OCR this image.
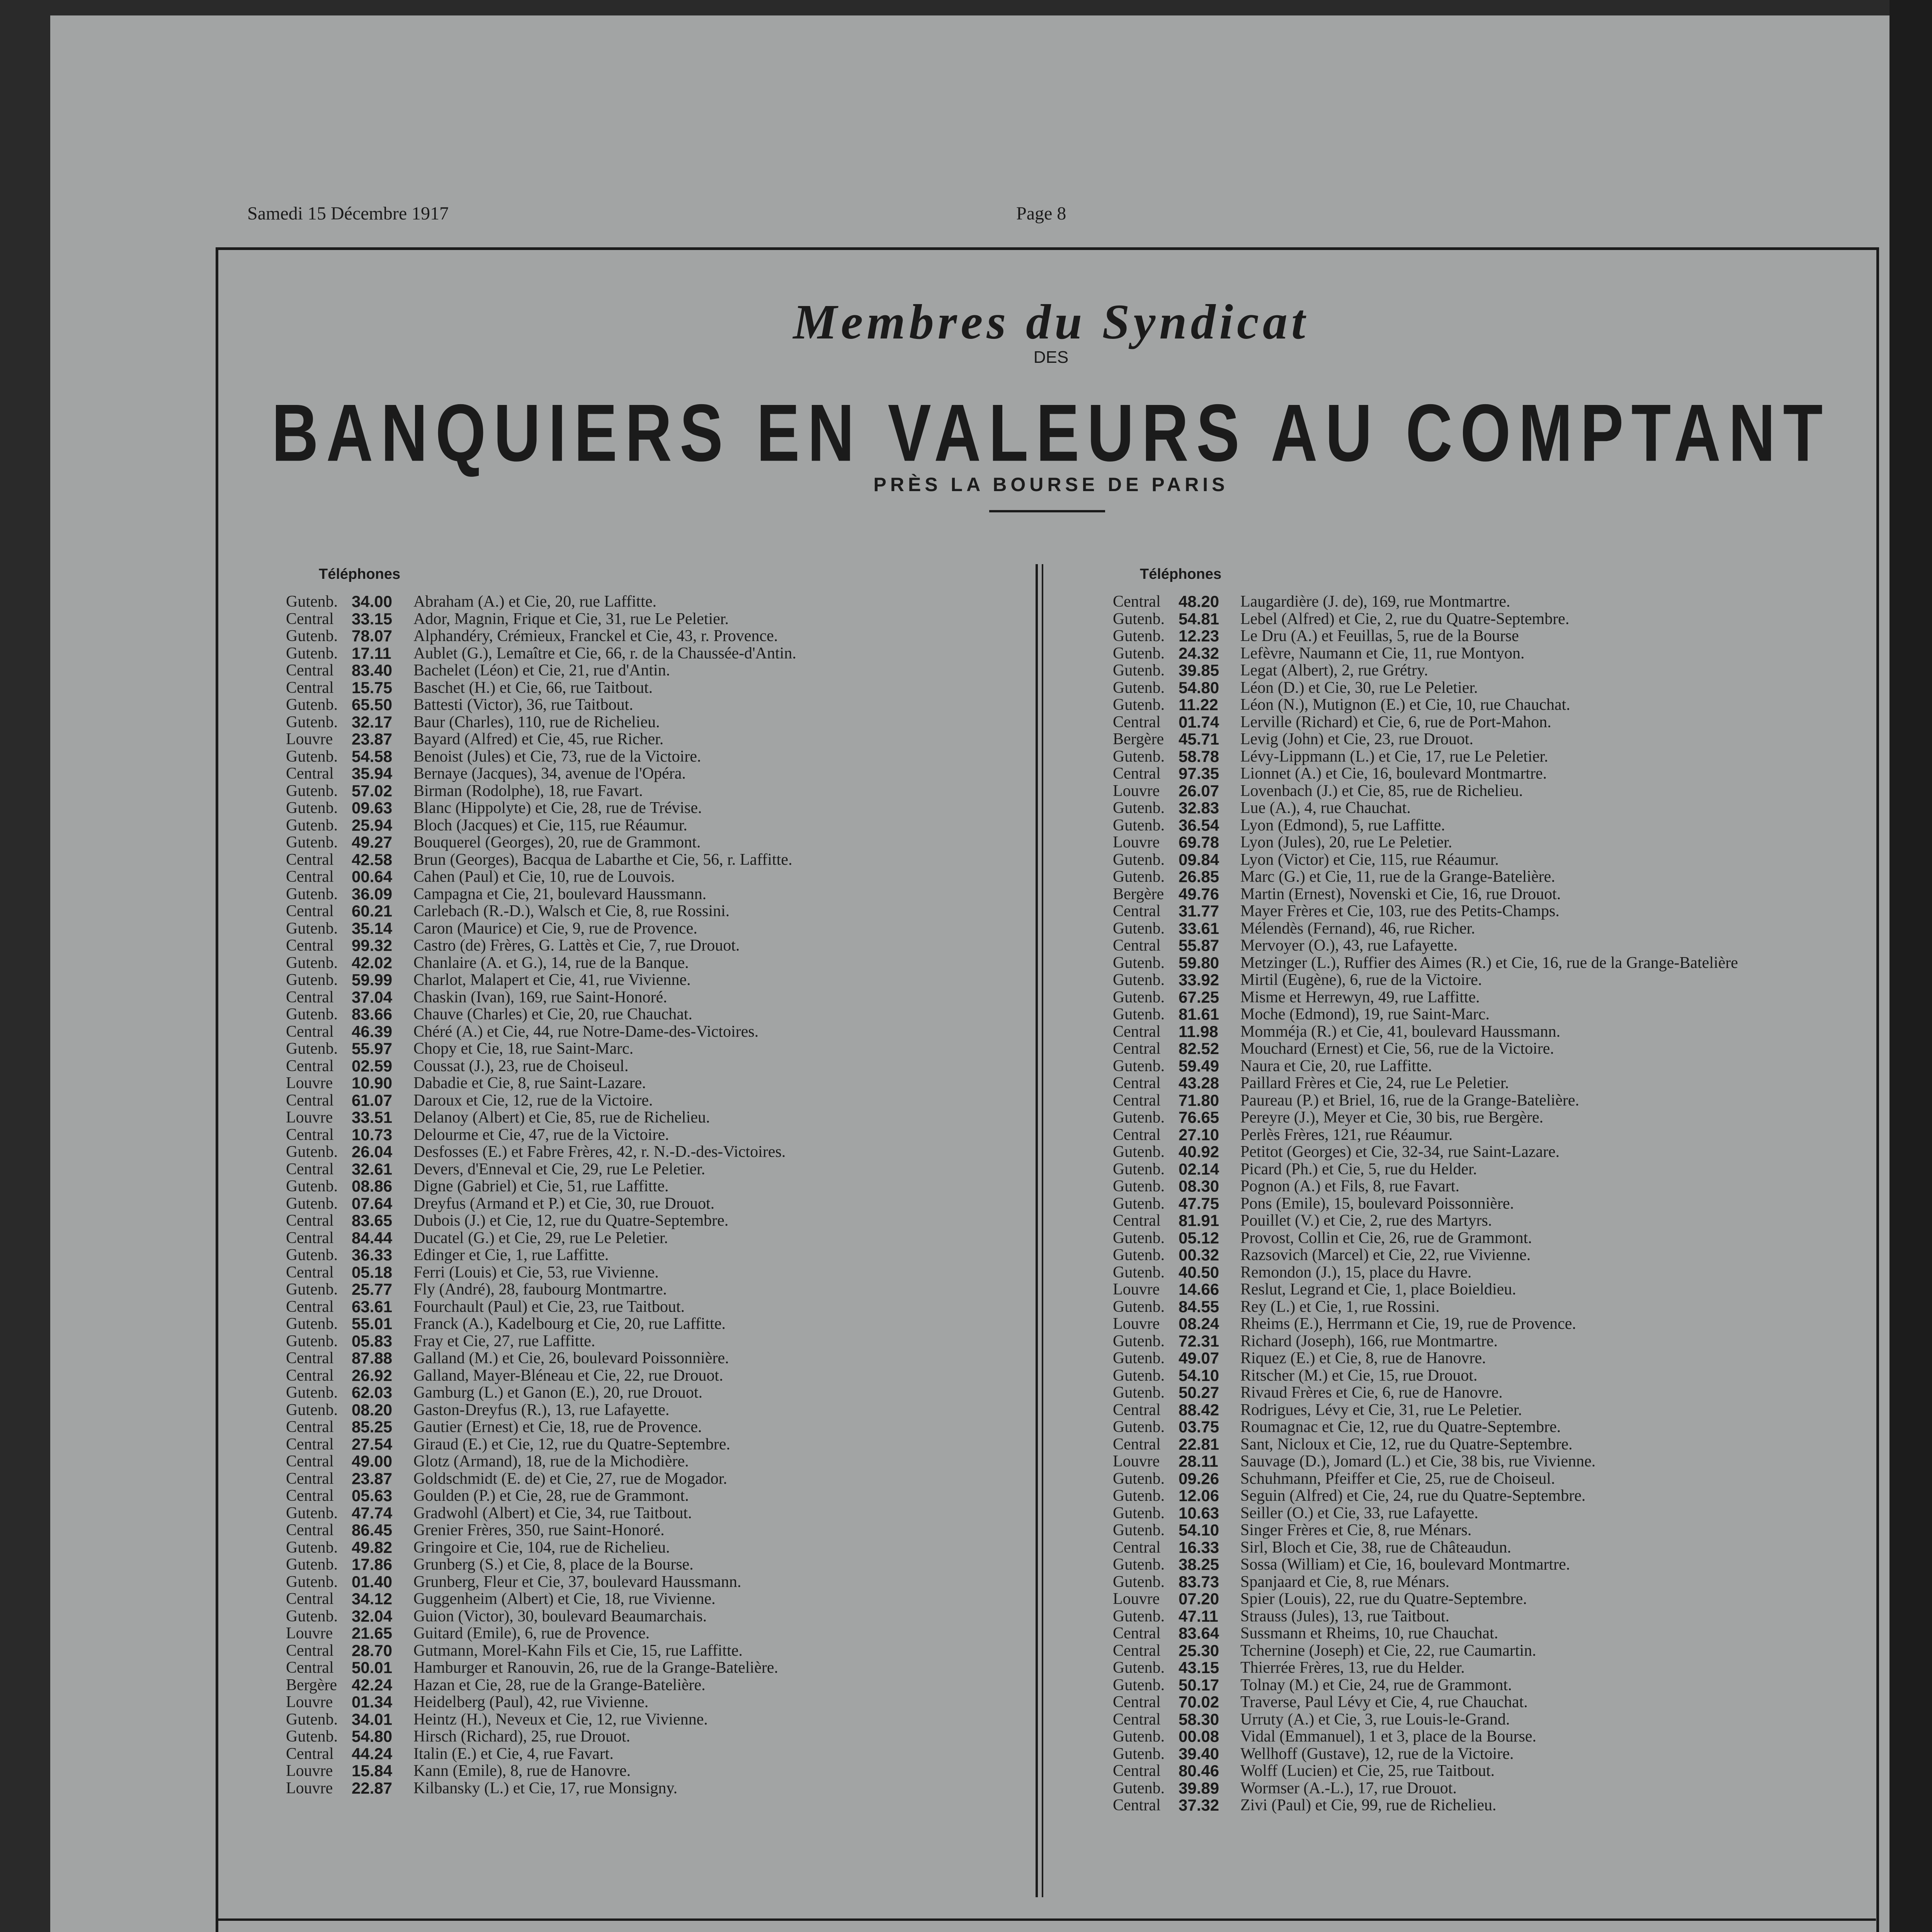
Samedi 15 Décembre 1917	Page 8
Membres du Syndicat
DES
BANQUIERS EN VALEURS AU COMPTANT
PRÈS LA BOURSE DE PARIS
Téléphones	Téléphones
Gutenb. 34.00	Abraham (A.) et Cie, 20, rue Laffitte.
Central	33.15	Ador, Magnin, Frique et Cie, 31, rue Le Peletier.
Gutenb. 78.07	Alphandéry, Crémieux, Franckel et Cie, 43, r. Provence.
Gutenb. 17.11	Aublet (G.), Lemaître et Cie, 66, r. de la Chaussée-d'Antin.
Central	83.40	Bachelet (Léon) et Cie, 21, rue d'Antin.
Central	15.75	Baschet (H.) et Cie, 66, rue Taitbout.
Gutenb. 65.50	Battesti (Victor), 36, rue Taitbout.
Gutenb. 32.17	Baur (Charles), 110, rue de Richelieu.
Louvre	23.87	Bayard (Alfred) et Cie, 45, rue Richer.
Gutenb. 54.58	Benoist (Jules) et Cie, 73, rue de la Victoire.
Central	35.94	Bernaye (Jacques), 34, avenue de l'Opéra.
Gutenb. 57.02	Birman (Rodolphe), 18, rue Favart.
Gutenb. 09.63	Blanc (Hippolyte) et Cie, 28, rue de Trévise.
Gutenb. 25.94	Bloch (Jacques) et Cie, 115, rue Réaumur.
Gutenb. 49.27	Bouquerel (Georges), 20, rue de Grammont.
Central	42.58	Brun (Georges), Bacqua de Labarthe et Cie, 56, r. Laffitte.
Central	00.64	Cahen (Paul) et Cie, 10, rue de Louvois.
Gutenb. 36.09	Campagna et Cie, 21, boulevard Haussmann.
Central	60.21	Carlebach (R.-D.), Walsch et Cie, 8, rue Rossini.
Gutenb. 35.14	Caron (Maurice) et Cie, 9, rue de Provence.
Central	99.32	Castro (de) Frères, G. Lattès et Cie, 7, rue Drouot.
Gutenb. 42.02	Chanlaire (A. et G.), 14, rue de la Banque.
Gutenb. 59.99	Charlot, Malapert et Cie, 41, rue Vivienne.
Central	37.04	Chaskin (Ivan), 169, rue Saint-Honoré.
Gutenb. 83.66	Chauve (Charles) et Cie, 20, rue Chauchat.
Central	46.39	Chéré (A.) et Cie, 44, rue Notre-Dame-des-Victoires.
Gutenb. 55.97	Chopy et Cie, 18, rue Saint-Marc.
Central	02.59	Coussat (J.), 23, rue de Choiseul.
Louvre	10.90	Dabadie et Cie, 8, rue Saint-Lazare.
Central	61.07	Daroux et Cie, 12, rue de la Victoire.
Louvre	33.51	Delanoy (Albert) et Cie, 85, rue de Richelieu.
Central	10.73	Delourme et Cie, 47, rue de la Victoire.
Gutenb. 26.04	Desfosses (E.) et Fabre Frères, 42, r. N.-D.-des-Victoires.
Central	32.61	Devers, d'Enneval et Cie, 29, rue Le Peletier.
Gutenb. 08.86	Digne (Gabriel) et Cie, 51, rue Laffitte.
Gutenb. 07.64	Dreyfus (Armand et P.) et Cie, 30, rue Drouot.
Central	83.65	Dubois (J.) et Cie, 12, rue du Quatre-Septembre.
Central	84.44	Ducatel (G.) et Cie, 29, rue Le Peletier.
Gutenb. 36.33	Edinger et Cie, 1, rue Laffitte.
Central	05.18	Ferri (Louis) et Cie, 53, rue Vivienne.
Gutenb. 25.77	Fly (André), 28, faubourg Montmartre.
Central	63.61	Fourchault (Paul) et Cie, 23, rue Taitbout.
Gutenb. 55.01	Franck (A.), Kadelbourg et Cie, 20, rue Laffitte.
Gutenb. 05.83	Fray et Cie, 27, rue Laffitte.
Central	87.88	Galland (M.) et Cie, 26, boulevard Poissonnière.
Central	26.92	Galland, Mayer-Bléneau et Cie, 22, rue Drouot.
Gutenb. 62.03	Gamburg (L.) et Ganon (E.), 20, rue Drouot.
Gutenb. 08.20	Gaston-Dreyfus (R.), 13, rue Lafayette.
Central	85.25	Gautier (Ernest) et Cie, 18, rue de Provence.
Central	27.54	Giraud (E.) et Cie, 12, rue du Quatre-Septembre.
Central	49.00	Glotz (Armand), 18, rue de la Michodière.
Central	23.87	Goldschmidt (E. de) et Cie, 27, rue de Mogador.
Central	05.63	Goulden (P.) et Cie, 28, rue de Grammont.
Gutenb. 47.74	Gradwohl (Albert) et Cie, 34, rue Taitbout.
Central	86.45	Grenier Frères, 350, rue Saint-Honoré.
Gutenb. 49.82	Gringoire et Cie, 104, rue de Richelieu.
Gutenb. 17.86	Grunberg (S.) et Cie, 8, place de la Bourse.
Gutenb. 01.40	Grunberg, Fleur et Cie, 37, boulevard Haussmann.
Central	34.12	Guggenheim (Albert) et Cie, 18, rue Vivienne.
Gutenb. 32.04	Guion (Victor), 30, boulevard Beaumarchais.
Louvre	21.65	Guitard (Emile), 6, rue de Provence.
Central	28.70	Gutmann, Morel-Kahn Fils et Cie, 15, rue Laffitte.
Central	50.01	Hamburger et Ranouvin, 26, rue de la Grange-Batelière.
Bergère 42.24	Hazan et Cie, 28, rue de la Grange-Batelière.
Louvre	01.34	Heidelberg (Paul), 42, rue Vivienne.
Gutenb. 34.01	Heintz (H.), Neveux et Cie, 12, rue Vivienne.
Gutenb. 54.80	Hirsch (Richard), 25, rue Drouot.
Central	44.24	Italin (E.) et Cie, 4, rue Favart.
Louvre	15.84	Kann (Emile), 8, rue de Hanovre.
Louvre	22.87	Kilbansky (L.) et Cie, 17, rue Monsigny.
Central	48.20	Laugardière (J. de), 169, rue Montmartre.
Gutenb. 54.81	Lebel (Alfred) et Cie, 2, rue du Quatre-Septembre.
Gutenb. 12.23	Le Dru (A.) et Feuillas, 5, rue de la Bourse
Gutenb. 24.32	Lefèvre, Naumann et Cie, 11, rue Montyon.
Gutenb. 39.85	Legat (Albert), 2, rue Grétry.
Gutenb. 54.80	Léon (D.) et Cie, 30, rue Le Peletier.
Gutenb. 11.22	Léon (N.), Mutignon (E.) et Cie, 10, rue Chauchat.
Central	01.74	Lerville (Richard) et Cie, 6, rue de Port-Mahon.
Bergère 45.71	Levig (John) et Cie, 23, rue Drouot.
Gutenb. 58.78	Lévy-Lippmann (L.) et Cie, 17, rue Le Peletier.
Central	97.35	Lionnet (A.) et Cie, 16, boulevard Montmartre.
Louvre	26.07	Lovenbach (J.) et Cie, 85, rue de Richelieu.
Gutenb. 32.83	Lue (A.), 4, rue Chauchat.
Gutenb. 36.54	Lyon (Edmond), 5, rue Laffitte.
Louvre	69.78	Lyon (Jules), 20, rue Le Peletier.
Gutenb. 09.84	Lyon (Victor) et Cie, 115, rue Réaumur.
Gutenb. 26.85	Marc (G.) et Cie, 11, rue de la Grange-Batelière.
Bergère 49.76	Martin (Ernest), Novenski et Cie, 16, rue Drouot.
Central	31.77	Mayer Frères et Cie, 103, rue des Petits-Champs.
Gutenb. 33.61	Mélendès (Fernand), 46, rue Richer.
Central	55.87	Mervoyer (O.), 43, rue Lafayette.
Gutenb. 59.80	Metzinger (L.), Ruffier des Aimes (R.) et Cie, 16, rue de la Grange-Batelière
Gutenb. 33.92	Mirtil (Eugène), 6, rue de la Victoire.
Gutenb. 67.25	Misme et Herrewyn, 49, rue Laffitte.
Gutenb. 81.61	Moche (Edmond), 19, rue Saint-Marc.
Central	11.98	Momméja (R.) et Cie, 41, boulevard Haussmann.
Central	82.52	Mouchard (Ernest) et Cie, 56, rue de la Victoire.
Gutenb. 59.49	Naura et Cie, 20, rue Laffitte.
Central	43.28	Paillard Frères et Cie, 24, rue Le Peletier.
Central	71.80	Paureau (P.) et Briel, 16, rue de la Grange-Batelière.
Gutenb. 76.65	Pereyre (J.), Meyer et Cie, 30 bis, rue Bergère.
Central	27.10	Perlès Frères, 121, rue Réaumur.
Gutenb. 40.92	Petitot (Georges) et Cie, 32-34, rue Saint-Lazare.
Gutenb. 02.14	Picard (Ph.) et Cie, 5, rue du Helder.
Gutenb. 08.30	Pognon (A.) et Fils, 8, rue Favart.
Gutenb. 47.75	Pons (Emile), 15, boulevard Poissonnière.
Central	81.91	Pouillet (V.) et Cie, 2, rue des Martyrs.
Gutenb. 05.12	Provost, Collin et Cie, 26, rue de Grammont.
Gutenb. 00.32	Razsovich (Marcel) et Cie, 22, rue Vivienne.
Gutenb. 40.50	Remondon (J.), 15, place du Havre.
Louvre	14.66	Reslut, Legrand et Cie, 1, place Boieldieu.
Gutenb. 84.55	Rey (L.) et Cie, 1, rue Rossini.
Louvre	08.24	Rheims (E.), Herrmann et Cie, 19, rue de Provence.
Gutenb. 72.31	Richard (Joseph), 166, rue Montmartre.
Gutenb. 49.07	Riquez (E.) et Cie, 8, rue de Hanovre.
Gutenb. 54.10	Ritscher (M.) et Cie, 15, rue Drouot.
Gutenb. 50.27	Rivaud Frères et Cie, 6, rue de Hanovre.
Central	88.42	Rodrigues, Lévy et Cie, 31, rue Le Peletier.
Gutenb. 03.75	Roumagnac et Cie, 12, rue du Quatre-Septembre.
Central	22.81	Sant, Nicloux et Cie, 12, rue du Quatre-Septembre.
Louvre	28.11	Sauvage (D.), Jomard (L.) et Cie, 38 bis, rue Vivienne.
Gutenb. 09.26	Schuhmann, Pfeiffer et Cie, 25, rue de Choiseul.
Gutenb. 12.06	Seguin (Alfred) et Cie, 24, rue du Quatre-Septembre.
Gutenb. 10.63	Seiller (O.) et Cie, 33, rue Lafayette.
Gutenb. 54.10	Singer Frères et Cie, 8, rue Ménars.
Central	16.33	Sirl, Bloch et Cie, 38, rue de Châteaudun.
Gutenb. 38.25	Sossa (William) et Cie, 16, boulevard Montmartre.
Gutenb. 83.73	Spanjaard et Cie, 8, rue Ménars.
Louvre	07.20	Spier (Louis), 22, rue du Quatre-Septembre.
Gutenb. 47.11	Strauss (Jules), 13, rue Taitbout.
Central	83.64	Sussmann et Rheims, 10, rue Chauchat.
Central	25.30	Tchernine (Joseph) et Cie, 22, rue Caumartin.
Gutenb. 43.15	Thierrée Frères, 13, rue du Helder.
Gutenb. 50.17	Tolnay (M.) et Cie, 24, rue de Grammont.
Central	70.02	Traverse, Paul Lévy et Cie, 4, rue Chauchat.
Central	58.30	Urruty (A.) et Cie, 3, rue Louis-le-Grand.
Gutenb. 00.08	Vidal (Emmanuel), 1 et 3, place de la Bourse.
Gutenb. 39.40	Wellhoff (Gustave), 12, rue de la Victoire.
Central	80.46	Wolff (Lucien) et Cie, 25, rue Taitbout.
Gutenb. 39.89	Wormser (A.-L.), 17, rue Drouot.
Central	37.32	Zivi (Paul) et Cie, 99, rue de Richelieu.
